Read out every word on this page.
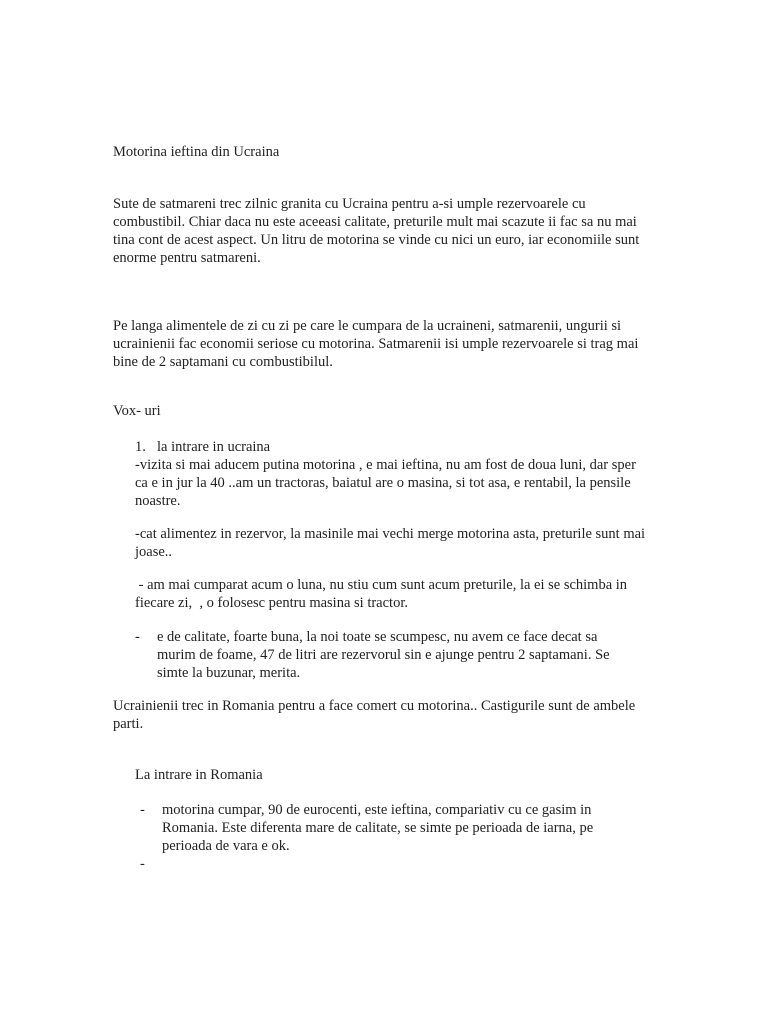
Motorina ieftina din Ucraina

Sute de satmareni trec zilnic granita cu Ucraina pentru a-si umple rezervoarele cu combustibil. Chiar daca nu este aceeasi calitate, preturile mult mai scazute ii fac sa nu mai tina cont de acest aspect. Un litru de motorina se vinde cu nici un euro, iar economiile sunt enorme pentru satmareni.

Pe langa alimentele de zi cu zi pe care le cumpara de la ucraineni, satmarenii, ungurii si ucrainienii fac economii seriose cu motorina. Satmarenii isi umple rezervoarele si trag mai bine de 2 saptamani cu combustibilul.

Vox- uri

1. la intrare in ucraina

-vizita si mai aducem putina motorina , e mai ieftina, nu am fost de doua luni, dar sper ca e in jur la 40 ..am un tractoras, baiatul are o masina, si tot asa, e rentabil, la pensile noastre.

-cat alimentez in rezervor, la masinile mai vechi merge motorina asta, preturile sunt mai joase..

- am mai cumparat acum o luna, nu stiu cum sunt acum preturile, la ei se schimba in fiecare zi,  , o folosesc pentru masina si tractor.

-	e de calitate, foarte buna, la noi toate se scumpesc, nu avem ce face decat sa murim de foame, 47 de litri are rezervorul sin e ajunge pentru 2 saptamani. Se simte la buzunar, merita.

Ucrainienii trec in Romania pentru a face comert cu motorina.. Castigurile sunt de ambele parti.

La intrare in Romania

-	motorina cumpar, 90 de eurocenti, este ieftina, compariativ cu ce gasim in Romania. Este diferenta mare de calitate, se simte pe perioada de iarna, pe perioada de vara e ok.

-
